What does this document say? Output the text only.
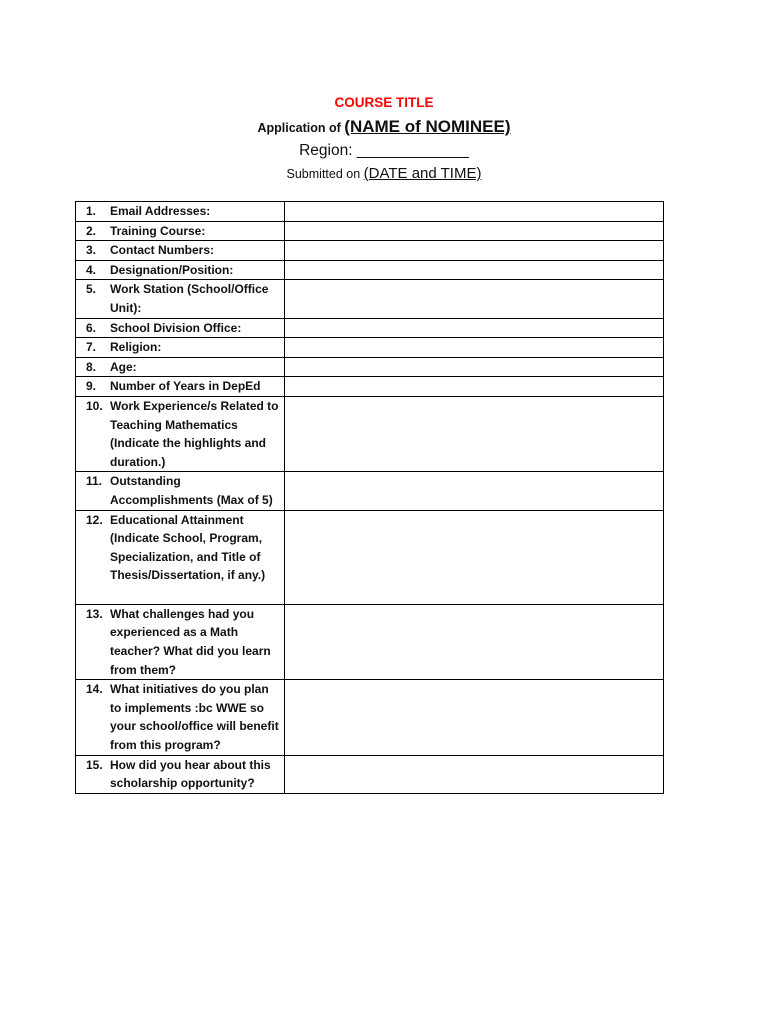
COURSE TITLE
Application of (NAME of NOMINEE)
Region: _____________
Submitted on (DATE and TIME)
1. Email Addresses:	

2. Training Course:	

3. Contact Numbers:	

4. Designation/Position:	

5. Work Station (School/Office Unit):	

6. School Division Office:	

7. Religion:	

8. Age:	

9. Number of Years in DepEd	

10. Work Experience/s Related to Teaching Mathematics (Indicate the highlights and duration.)	

11. Outstanding Accomplishments (Max of 5)	

12. Educational Attainment (Indicate School, Program, Specialization, and Title of Thesis/Dissertation, if any.)	

13. What challenges had you experienced as a Math teacher? What did you learn from them?	

14. What initiatives do you plan to implements :bc WWE so your school/office will benefit from this program?	

15. How did you hear about this scholarship opportunity?	
